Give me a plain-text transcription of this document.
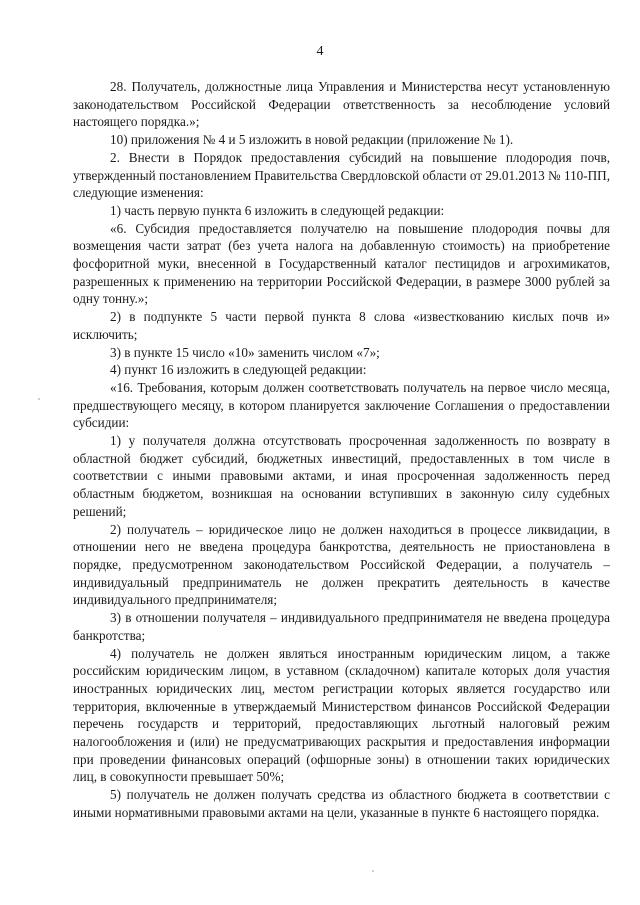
4

28. Получатель, должностные лица Управления и Министерства несут установленную законодательством Российской Федерации ответственность за несоблюдение условий настоящего порядка.»;

10) приложения № 4 и 5 изложить в новой редакции (приложение № 1).

2. Внести в Порядок предоставления субсидий на повышение плодородия почв, утвержденный постановлением Правительства Свердловской области от 29.01.2013 № 110-ПП, следующие изменения:

1) часть первую пункта 6 изложить в следующей редакции:

«6. Субсидия предоставляется получателю на повышение плодородия почвы для возмещения части затрат (без учета налога на добавленную стоимость) на приобретение фосфоритной муки, внесенной в Государственный каталог пестицидов и агрохимикатов, разрешенных к применению на территории Российской Федерации, в размере 3000 рублей за одну тонну.»;

2) в подпункте 5 части первой пункта 8 слова «известкованию кислых почв и» исключить;

3) в пункте 15 число «10» заменить числом «7»;

4) пункт 16 изложить в следующей редакции:

«16. Требования, которым должен соответствовать получатель на первое число месяца, предшествующего месяцу, в котором планируется заключение Соглашения о предоставлении субсидии:

1) у получателя должна отсутствовать просроченная задолженность по возврату в областной бюджет субсидий, бюджетных инвестиций, предоставленных в том числе в соответствии с иными правовыми актами, и иная просроченная задолженность перед областным бюджетом, возникшая на основании вступивших в законную силу судебных решений;

2) получатель – юридическое лицо не должен находиться в процессе ликвидации, в отношении него не введена процедура банкротства, деятельность не приостановлена в порядке, предусмотренном законодательством Российской Федерации, а получатель – индивидуальный предприниматель не должен прекратить деятельность в качестве индивидуального предпринимателя;

3) в отношении получателя – индивидуального предпринимателя не введена процедура банкротства;

4) получатель не должен являться иностранным юридическим лицом, а также российским юридическим лицом, в уставном (складочном) капитале которых доля участия иностранных юридических лиц, местом регистрации которых является государство или территория, включенные в утверждаемый Министерством финансов Российской Федерации перечень государств и территорий, предоставляющих льготный налоговый режим налогообложения и (или) не предусматривающих раскрытия и предоставления информации при проведении финансовых операций (офшорные зоны) в отношении таких юридических лиц, в совокупности превышает 50%;

5) получатель не должен получать средства из областного бюджета в соответствии с иными нормативными правовыми актами на цели, указанные в пункте 6 настоящего порядка.
